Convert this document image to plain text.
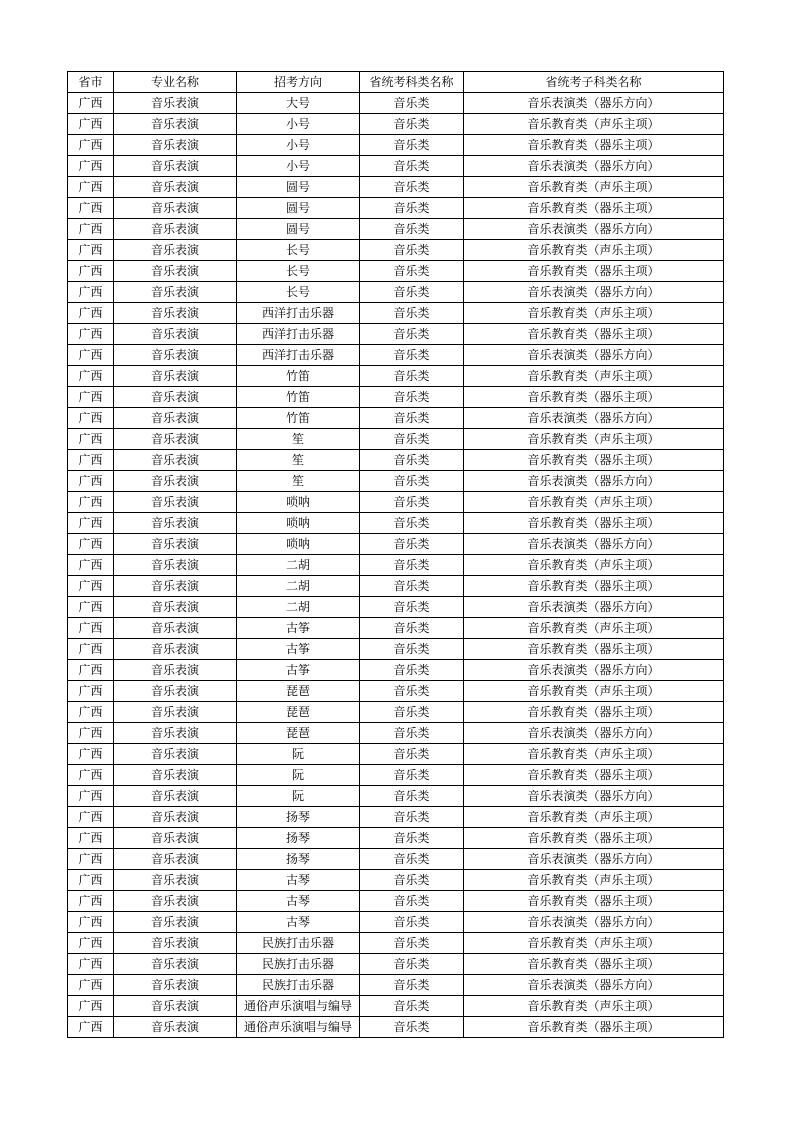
省市	专业名称	招考方向	省统考科类名称	省统考子科类名称
广西	音乐表演	大号	音乐类	音乐表演类（器乐方向）
广西	音乐表演	小号	音乐类	音乐教育类（声乐主项）
广西	音乐表演	小号	音乐类	音乐教育类（器乐主项）
广西	音乐表演	小号	音乐类	音乐表演类（器乐方向）
广西	音乐表演	圆号	音乐类	音乐教育类（声乐主项）
广西	音乐表演	圆号	音乐类	音乐教育类（器乐主项）
广西	音乐表演	圆号	音乐类	音乐表演类（器乐方向）
广西	音乐表演	长号	音乐类	音乐教育类（声乐主项）
广西	音乐表演	长号	音乐类	音乐教育类（器乐主项）
广西	音乐表演	长号	音乐类	音乐表演类（器乐方向）
广西	音乐表演	西洋打击乐器	音乐类	音乐教育类（声乐主项）
广西	音乐表演	西洋打击乐器	音乐类	音乐教育类（器乐主项）
广西	音乐表演	西洋打击乐器	音乐类	音乐表演类（器乐方向）
广西	音乐表演	竹笛	音乐类	音乐教育类（声乐主项）
广西	音乐表演	竹笛	音乐类	音乐教育类（器乐主项）
广西	音乐表演	竹笛	音乐类	音乐表演类（器乐方向）
广西	音乐表演	笙	音乐类	音乐教育类（声乐主项）
广西	音乐表演	笙	音乐类	音乐教育类（器乐主项）
广西	音乐表演	笙	音乐类	音乐表演类（器乐方向）
广西	音乐表演	唢呐	音乐类	音乐教育类（声乐主项）
广西	音乐表演	唢呐	音乐类	音乐教育类（器乐主项）
广西	音乐表演	唢呐	音乐类	音乐表演类（器乐方向）
广西	音乐表演	二胡	音乐类	音乐教育类（声乐主项）
广西	音乐表演	二胡	音乐类	音乐教育类（器乐主项）
广西	音乐表演	二胡	音乐类	音乐表演类（器乐方向）
广西	音乐表演	古筝	音乐类	音乐教育类（声乐主项）
广西	音乐表演	古筝	音乐类	音乐教育类（器乐主项）
广西	音乐表演	古筝	音乐类	音乐表演类（器乐方向）
广西	音乐表演	琵琶	音乐类	音乐教育类（声乐主项）
广西	音乐表演	琵琶	音乐类	音乐教育类（器乐主项）
广西	音乐表演	琵琶	音乐类	音乐表演类（器乐方向）
广西	音乐表演	阮	音乐类	音乐教育类（声乐主项）
广西	音乐表演	阮	音乐类	音乐教育类（器乐主项）
广西	音乐表演	阮	音乐类	音乐表演类（器乐方向）
广西	音乐表演	扬琴	音乐类	音乐教育类（声乐主项）
广西	音乐表演	扬琴	音乐类	音乐教育类（器乐主项）
广西	音乐表演	扬琴	音乐类	音乐表演类（器乐方向）
广西	音乐表演	古琴	音乐类	音乐教育类（声乐主项）
广西	音乐表演	古琴	音乐类	音乐教育类（器乐主项）
广西	音乐表演	古琴	音乐类	音乐表演类（器乐方向）
广西	音乐表演	民族打击乐器	音乐类	音乐教育类（声乐主项）
广西	音乐表演	民族打击乐器	音乐类	音乐教育类（器乐主项）
广西	音乐表演	民族打击乐器	音乐类	音乐表演类（器乐方向）
广西	音乐表演	通俗声乐演唱与编导	音乐类	音乐教育类（声乐主项）
广西	音乐表演	通俗声乐演唱与编导	音乐类	音乐教育类（器乐主项）
